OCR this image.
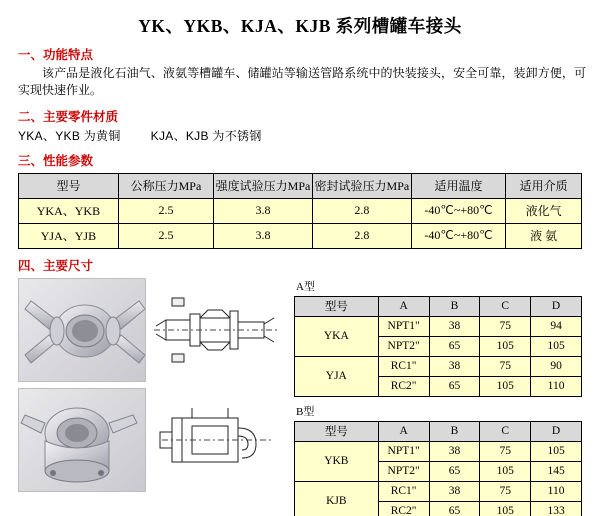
YK、YKB、KJA、KJB 系列槽罐车接头
一、功能特点
该产品是液化石油气、液氨等槽罐车、储罐站等输送管路系统中的快装接头，安全可靠，装卸方便，可实现快速作业。
二、主要零件材质
YKA、YKB 为黄铜	KJA、KJB 为不锈钢
三、性能参数
型号	公称压力MPa	强度试验压力MPa	密封试验压力MPa	适用温度	适用介质
YKA、YKB	2.5	3.8	2.8	-40℃~+80℃	液化气
YJA、YJB	2.5	3.8	2.8	-40℃~+80℃	液 氨
四、主要尺寸
A型
型号	A	B	C	D
YKA	NPT1"	38	75	94
	NPT2"	65	105	105
YJA	RC1"	38	75	90
	RC2"	65	105	110
B型
型号	A	B	C	D
YKB	NPT1"	38	75	105
	NPT2"	65	105	145
KJB	RC1"	38	75	110
	RC2"	65	105	133
